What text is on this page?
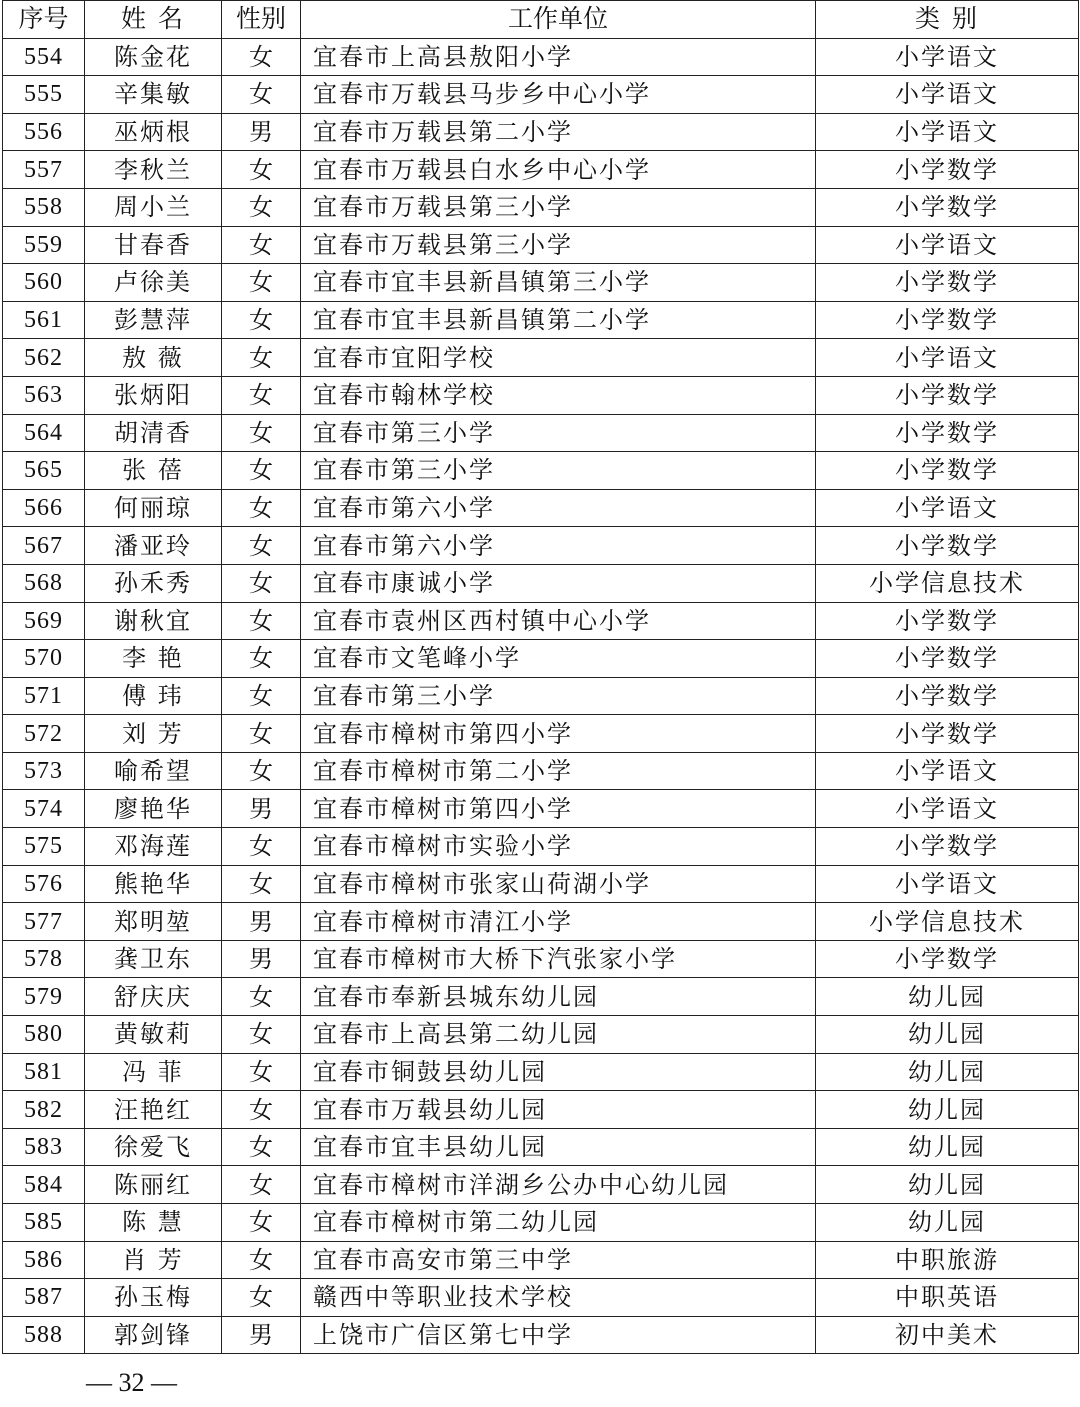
序号	姓 名	性别	工作单位	类 别
554	陈金花	女	宜春市上高县敖阳小学	小学语文
555	辛集敏	女	宜春市万载县马步乡中心小学	小学语文
556	巫炳根	男	宜春市万载县第二小学	小学语文
557	李秋兰	女	宜春市万载县白水乡中心小学	小学数学
558	周小兰	女	宜春市万载县第三小学	小学数学
559	甘春香	女	宜春市万载县第三小学	小学语文
560	卢徐美	女	宜春市宜丰县新昌镇第三小学	小学数学
561	彭慧萍	女	宜春市宜丰县新昌镇第二小学	小学数学
562	敖 薇	女	宜春市宜阳学校	小学语文
563	张炳阳	女	宜春市翰林学校	小学数学
564	胡清香	女	宜春市第三小学	小学数学
565	张 蓓	女	宜春市第三小学	小学数学
566	何丽琼	女	宜春市第六小学	小学语文
567	潘亚玲	女	宜春市第六小学	小学数学
568	孙禾秀	女	宜春市康诚小学	小学信息技术
569	谢秋宜	女	宜春市袁州区西村镇中心小学	小学数学
570	李 艳	女	宜春市文笔峰小学	小学数学
571	傅 玮	女	宜春市第三小学	小学数学
572	刘 芳	女	宜春市樟树市第四小学	小学数学
573	喻希望	女	宜春市樟树市第二小学	小学语文
574	廖艳华	男	宜春市樟树市第四小学	小学语文
575	邓海莲	女	宜春市樟树市实验小学	小学数学
576	熊艳华	女	宜春市樟树市张家山荷湖小学	小学语文
577	郑明堃	男	宜春市樟树市清江小学	小学信息技术
578	龚卫东	男	宜春市樟树市大桥下汽张家小学	小学数学
579	舒庆庆	女	宜春市奉新县城东幼儿园	幼儿园
580	黄敏莉	女	宜春市上高县第二幼儿园	幼儿园
581	冯 菲	女	宜春市铜鼓县幼儿园	幼儿园
582	汪艳红	女	宜春市万载县幼儿园	幼儿园
583	徐爱飞	女	宜春市宜丰县幼儿园	幼儿园
584	陈丽红	女	宜春市樟树市洋湖乡公办中心幼儿园	幼儿园
585	陈 慧	女	宜春市樟树市第二幼儿园	幼儿园
586	肖 芳	女	宜春市高安市第三中学	中职旅游
587	孙玉梅	女	赣西中等职业技术学校	中职英语
588	郭剑锋	男	上饶市广信区第七中学	初中美术
— 32 —
